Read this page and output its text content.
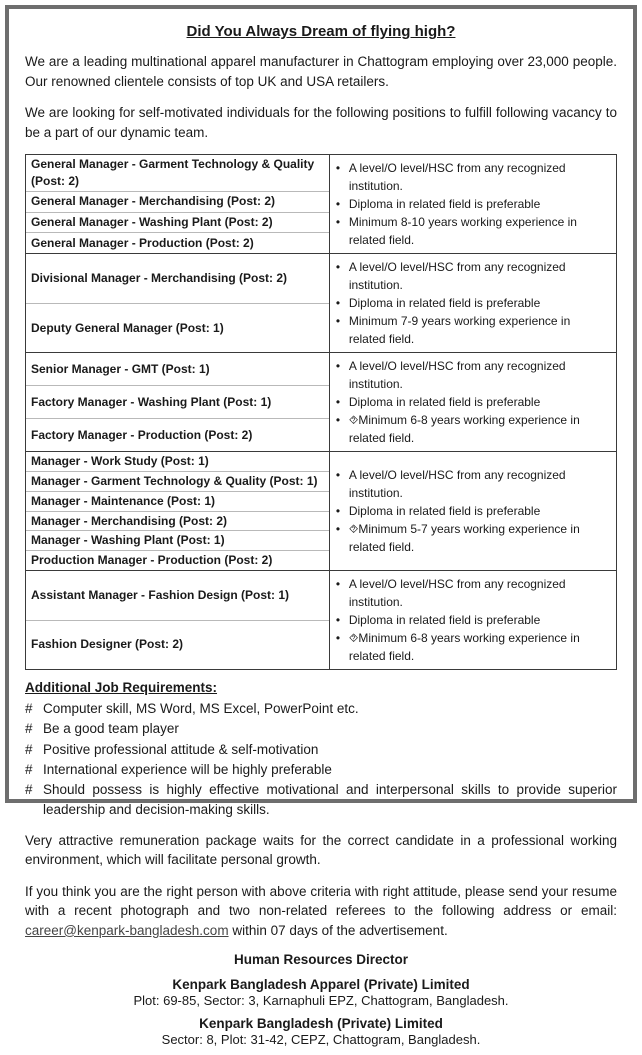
Did You Always Dream of flying high?

We are a leading multinational apparel manufacturer in Chattogram employing over 23,000 people. Our renowned clientele consists of top UK and USA retailers.

We are looking for self-motivated individuals for the following positions to fulfill following vacancy to be a part of our dynamic team.

General Manager - Garment Technology & Quality (Post: 2)
General Manager - Merchandising (Post: 2)
General Manager - Washing Plant (Post: 2)
General Manager - Production (Post: 2)
• A level/O level/HSC from any recognized institution.
• Diploma in related field is preferable
• Minimum 8-10 years working experience in related field.
Divisional Manager - Merchandising (Post: 2)
Deputy General Manager (Post: 1)
• A level/O level/HSC from any recognized institution.
• Diploma in related field is preferable
• Minimum 7-9 years working experience in related field.
Senior Manager - GMT (Post: 1)
Factory Manager - Washing Plant (Post: 1)
Factory Manager - Production (Post: 2)
• A level/O level/HSC from any recognized institution.
• Diploma in related field is preferable
• ⯑Minimum 6-8 years working experience in related field.
Manager - Work Study (Post: 1)
Manager - Garment Technology & Quality (Post: 1)
Manager - Maintenance (Post: 1)
Manager - Merchandising (Post: 2)
Manager - Washing Plant (Post: 1)
Production Manager - Production (Post: 2)
• A level/O level/HSC from any recognized institution.
• Diploma in related field is preferable
• ⯑Minimum 5-7 years working experience in related field.
Assistant Manager - Fashion Design (Post: 1)
Fashion Designer (Post: 2)
• A level/O level/HSC from any recognized institution.
• Diploma in related field is preferable
• ⯑Minimum 6-8 years working experience in related field.
Additional Job Requirements:
# Computer skill, MS Word, MS Excel, PowerPoint etc.
# Be a good team player
# Positive professional attitude & self-motivation
# International experience will be highly preferable
# Should possess is highly effective motivational and interpersonal skills to provide superior leadership and decision-making skills.

Very attractive remuneration package waits for the correct candidate in a professional working environment, which will facilitate personal growth.

If you think you are the right person with above criteria with right attitude, please send your resume with a recent photograph and two non-related referees to the following address or email: career@kenpark-bangladesh.com within 07 days of the advertisement.

Human Resources Director
Kenpark Bangladesh Apparel (Private) Limited
Plot: 69-85, Sector: 3, Karnaphuli EPZ, Chattogram, Bangladesh.
Kenpark Bangladesh (Private) Limited
Sector: 8, Plot: 31-42, CEPZ, Chattogram, Bangladesh.
